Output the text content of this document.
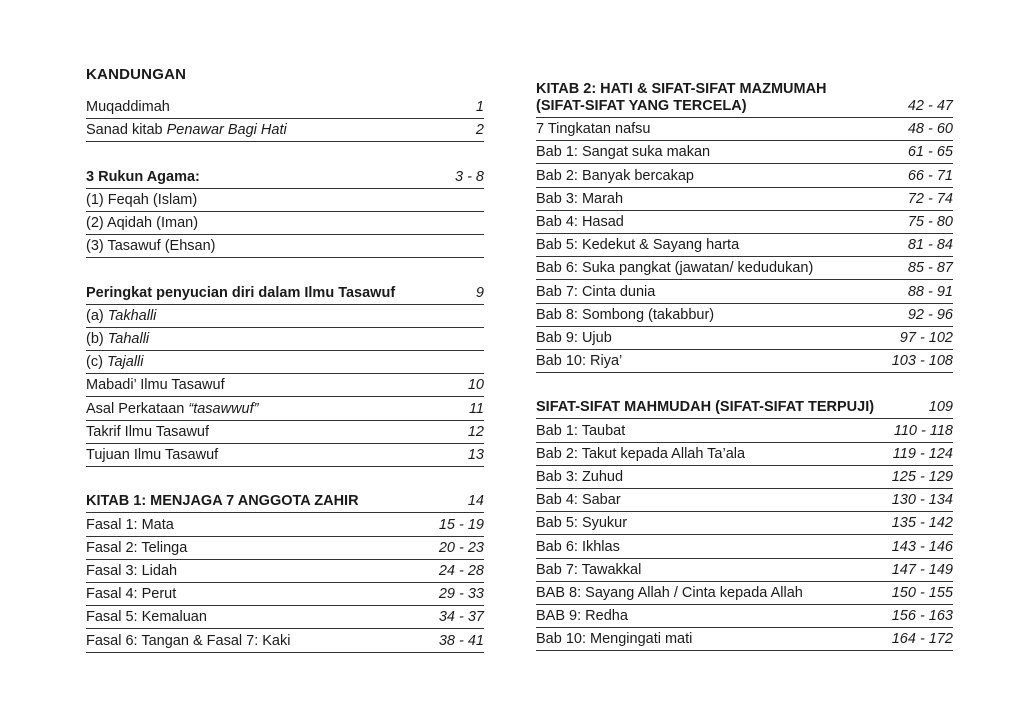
KANDUNGAN
Muqaddimah	1
Sanad kitab Penawar Bagi Hati	2
3 Rukun Agama:	3 - 8
(1) Feqah (Islam)
(2) Aqidah (Iman)
(3) Tasawuf (Ehsan)
Peringkat penyucian diri dalam Ilmu Tasawuf	9
(a) Takhalli
(b) Tahalli
(c) Tajalli
Mabadi’ Ilmu Tasawuf	10
Asal Perkataan “tasawwuf”	11
Takrif Ilmu Tasawuf	12
Tujuan Ilmu Tasawuf	13
KITAB 1: MENJAGA 7 ANGGOTA ZAHIR	14
Fasal 1: Mata	15 - 19
Fasal 2: Telinga	20 - 23
Fasal 3: Lidah	24 - 28
Fasal 4: Perut	29 - 33
Fasal 5: Kemaluan	34 - 37
Fasal 6: Tangan & Fasal 7: Kaki	38 - 41
KITAB 2: HATI & SIFAT-SIFAT MAZMUMAH
(SIFAT-SIFAT YANG TERCELA)	42 - 47
7 Tingkatan nafsu	48 - 60
Bab 1: Sangat suka makan	61 - 65
Bab 2: Banyak bercakap	66 - 71
Bab 3: Marah	72 - 74
Bab 4: Hasad	75 - 80
Bab 5: Kedekut & Sayang harta	81 - 84
Bab 6: Suka pangkat (jawatan/ kedudukan)	85 - 87
Bab 7: Cinta dunia	88 - 91
Bab 8: Sombong (takabbur)	92 - 96
Bab 9: Ujub	97 - 102
Bab 10: Riya’	103 - 108
SIFAT-SIFAT MAHMUDAH (SIFAT-SIFAT TERPUJI)	109
Bab 1: Taubat	110 - 118
Bab 2: Takut kepada Allah Ta’ala	119 - 124
Bab 3: Zuhud	125 - 129
Bab 4: Sabar	130 - 134
Bab 5: Syukur	135 - 142
Bab 6: Ikhlas	143 - 146
Bab 7: Tawakkal	147 - 149
BAB 8: Sayang Allah / Cinta kepada Allah	150 - 155
BAB 9: Redha	156 - 163
Bab 10: Mengingati mati	164 - 172
